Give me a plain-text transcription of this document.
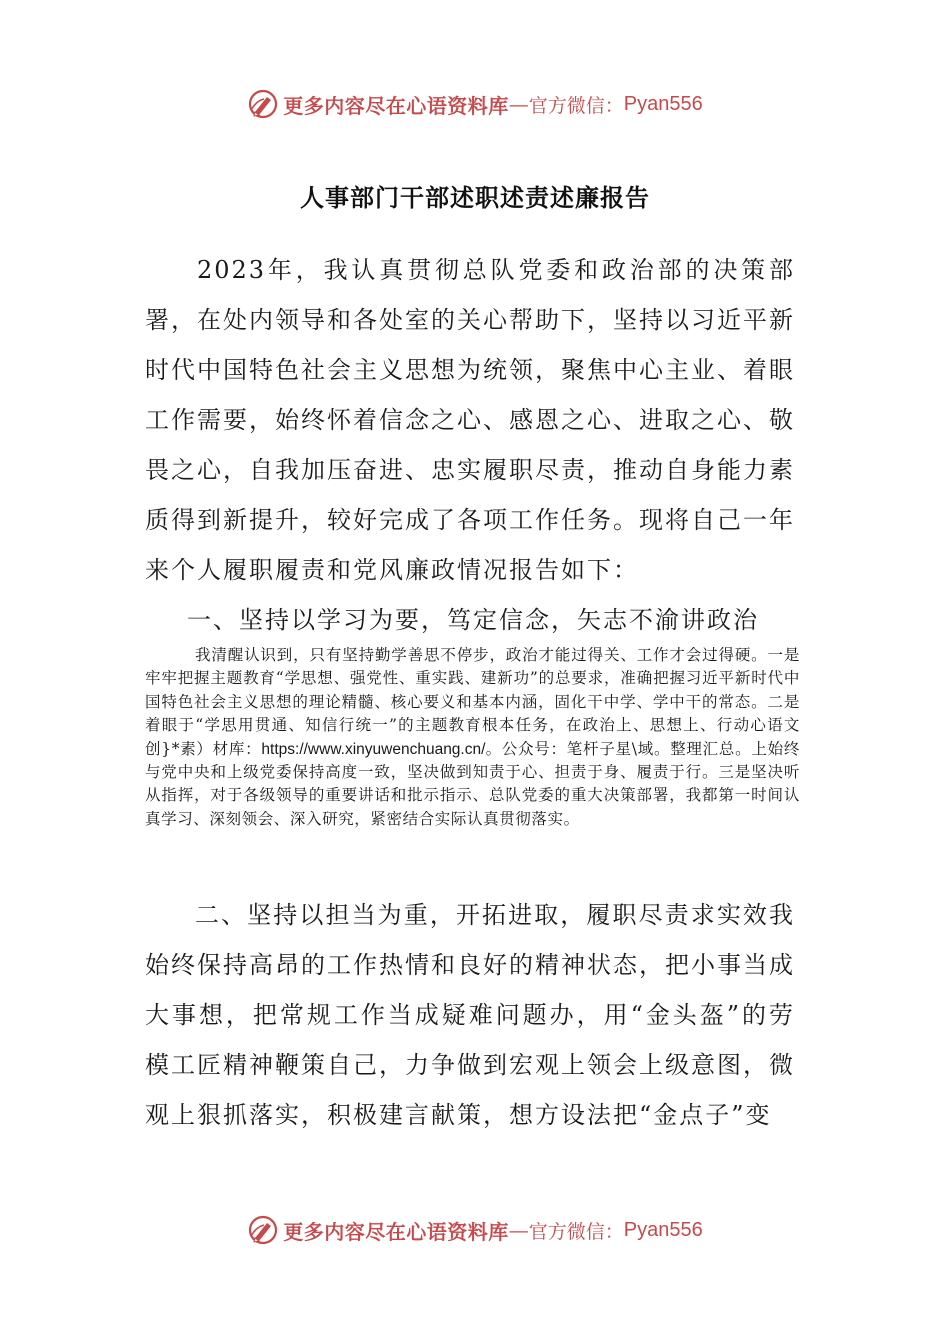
更多内容尽在心语资料库 — 官方微信： Pyan556
人事部门干部述职述责述廉报告

2023年，我认真贯彻总队党委和政治部的决策部署，在处内领导和各处室的关心帮助下，坚持以习近平新时代中国特色社会主义思想为统领，聚焦中心主业、着眼工作需要，始终怀着信念之心、感恩之心、进取之心、敬畏之心，自我加压奋进、忠实履职尽责，推动自身能力素质得到新提升，较好完成了各项工作任务。现将自己一年来个人履职履责和党风廉政情况报告如下：

一、坚持以学习为要，笃定信念，矢志不渝讲政治

我清醒认识到，只有坚持勤学善思不停步，政治才能过得关、工作才会过得硬。一是牢牢把握主题教育“学思想、强党性、重实践、建新功”的总要求，准确把握习近平新时代中国特色社会主义思想的理论精髓、核心要义和基本内涵，固化干中学、学中干的常态。二是着眼于“学思用贯通、知信行统一”的主题教育根本任务，在政治上、思想上、行动心语文创}*素）材库：https://www.xinyuwenchuang.cn/。公众号：笔杆子星\域。整理汇总。上始终与党中央和上级党委保持高度一致，坚决做到知责于心、担责于身、履责于行。三是坚决听从指挥，对于各级领导的重要讲话和批示指示、总队党委的重大决策部署，我都第一时间认真学习、深刻领会、深入研究，紧密结合实际认真贯彻落实。

二、坚持以担当为重，开拓进取，履职尽责求实效我始终保持高昂的工作热情和良好的精神状态，把小事当成大事想，把常规工作当成疑难问题办，用“金头盔”的劳模工匠精神鞭策自己，力争做到宏观上领会上级意图，微观上狠抓落实，积极建言献策，想方设法把“金点子”变

更多内容尽在心语资料库 — 官方微信： Pyan556
